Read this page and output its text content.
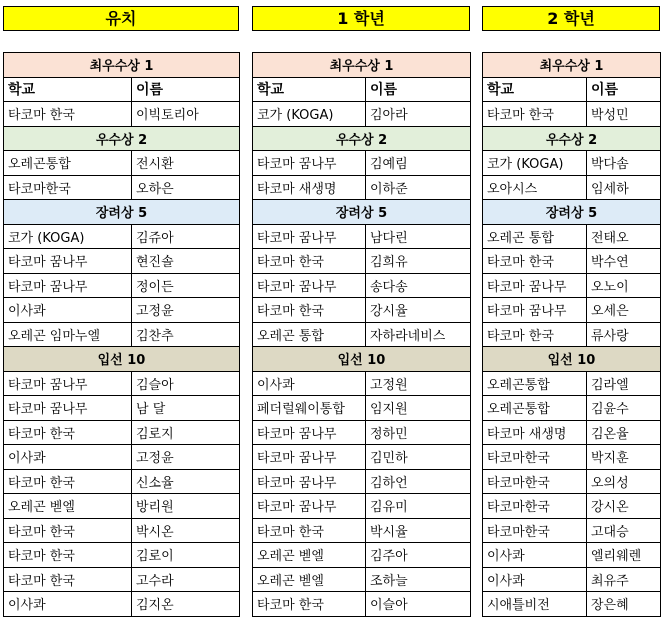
유치
최우수상 1	
학교	이름
타코마 한국	이빅토리아
우수상 2	
오레곤통합	전시환
타코마한국	오하은
장려상 5	
코가 (KOGA)	김쥬아
타코마 꿈나무	현진솔
타코마 꿈나무	정이든
이사콰	고정윤
오레곤 임마누엘	김찬추
입선 10	
타코마 꿈나무	김슬아
타코마 꿈나무	남 달
타코마 한국	김로지
이사콰	고정윤
타코마 한국	신소율
오레곤 벧엘	방리원
타코마 한국	박시온
타코마 한국	김로이
타코마 한국	고수라
이사콰	김지온
1 학년
최우수상 1	
학교	이름
코가 (KOGA)	김아라
우수상 2	
타코마 꿈나무	김예림
타코마 새생명	이하준
장려상 5	
타코마 꿈나무	남다린
타코마 한국	김희유
타코마 꿈나무	송다송
타코마 한국	강시율
오레곤 통합	자하라네비스
입선 10	
이사콰	고정원
페더럴웨이통합	임지원
타코마 꿈나무	정하민
타코마 꿈나무	김민하
타코마 꿈나무	김하언
타코마 꿈나무	김유미
타코마 한국	박시율
오레곤 벧엘	김주아
오레곤 벧엘	조하늘
타코마 한국	이슬아
2 학년
최우수상 1	
학교	이름
타코마 한국	박성민
우수상 2	
코가 (KOGA)	박다솜
오아시스	임세하
장려상 5	
오레곤 통합	전태오
타코마 한국	박수연
타코마 꿈나무	오노이
타코마 꿈나무	오세은
타코마 한국	류사랑
입선 10	
오레곤통합	김라엘
오레곤통합	김윤수
타코마 새생명	김온율
타코마한국	박지훈
타코마한국	오의성
타코마한국	강시온
타코마한국	고대승
이사콰	엘리웨렌
이사콰	최유주
시애틀비전	장은혜
